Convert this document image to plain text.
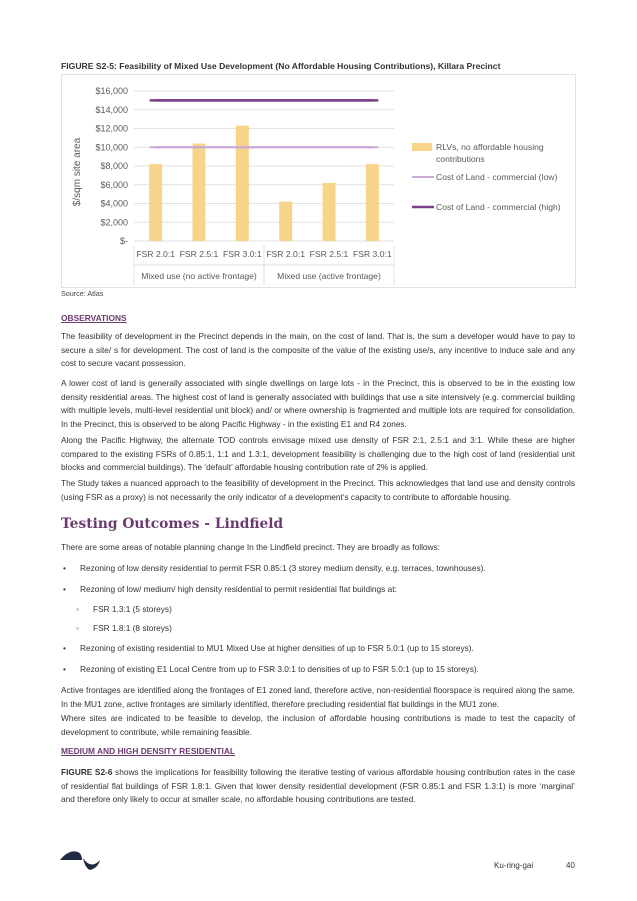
FIGURE S2-5: Feasibility of Mixed Use Development (No Affordable Housing Contributions), Killara Precinct
$-
$2,000
$4,000
$6,000
$8,000
$10,000
$12,000
$14,000
$16,000
$/sqm site area
FSR 2.0:1 FSR 2.5:1 FSR 3.0:1 FSR 2.0:1 FSR 2.5:1 FSR 3.0:1
Mixed use (no active frontage) Mixed use (active frontage)
RLVs, no affordable housing
contributions
Cost of Land - commercial (low)
Cost of Land - commercial (high)
Source: Atlas
OBSERVATIONS
The feasibility of development in the Precinct depends in the main, on the cost of land. That is, the sum a developer would have to pay to secure a site/ s for development. The cost of land is the composite of the value of the existing use/s, any incentive to induce sale and any cost to secure vacant possession.
A lower cost of land is generally associated with single dwellings on large lots - in the Precinct, this is observed to be in the existing low density residential areas. The highest cost of land is generally associated with buildings that use a site intensively (e.g. commercial building with multiple levels, multi-level residential unit block) and/ or where ownership is fragmented and multiple lots are required for consolidation. In the Precinct, this is observed to be along Pacific Highway - in the existing E1 and R4 zones.
Along the Pacific Highway, the alternate TOD controls envisage mixed use density of FSR 2:1, 2.5:1 and 3:1. While these are higher compared to the existing FSRs of 0.85:1, 1:1 and 1.3:1, development feasibility is challenging due to the high cost of land (residential unit blocks and commercial buildings). The ‘default’ affordable housing contribution rate of 2% is applied.
The Study takes a nuanced approach to the feasibility of development in the Precinct. This acknowledges that land use and density controls (using FSR as a proxy) is not necessarily the only indicator of a development’s capacity to contribute to affordable housing.
Testing Outcomes - Lindfield
There are some areas of notable planning change In the Lindfield precinct. They are broadly as follows:
• Rezoning of low density residential to permit FSR 0.85:1 (3 storey medium density, e.g. terraces, townhouses).
• Rezoning of low/ medium/ high density residential to permit residential flat buildings at:
◦ FSR 1.3:1 (5 storeys)
◦ FSR 1.8:1 (8 storeys)
• Rezoning of existing residential to MU1 Mixed Use at higher densities of up to FSR 5.0:1 (up to 15 storeys).
• Rezoning of existing E1 Local Centre from up to FSR 3.0:1 to densities of up to FSR 5.0:1 (up to 15 storeys).
Active frontages are identified along the frontages of E1 zoned land, therefore active, non-residential floorspace is required along the same. In the MU1 zone, active frontages are similarly identified, therefore precluding residential flat buildings in the MU1 zone.
Where sites are indicated to be feasible to develop, the inclusion of affordable housing contributions is made to test the capacity of development to contribute, while remaining feasible.
MEDIUM AND HIGH DENSITY RESIDENTIAL
FIGURE S2-6 shows the implications for feasibility following the iterative testing of various affordable housing contribution rates in the case of residential flat buildings of FSR 1.8:1. Given that lower density residential development (FSR 0.85:1 and FSR 1.3:1) is more ‘marginal’ and therefore only likely to occur at smaller scale, no affordable housing contributions are tested.
Ku-ring-gai	40
